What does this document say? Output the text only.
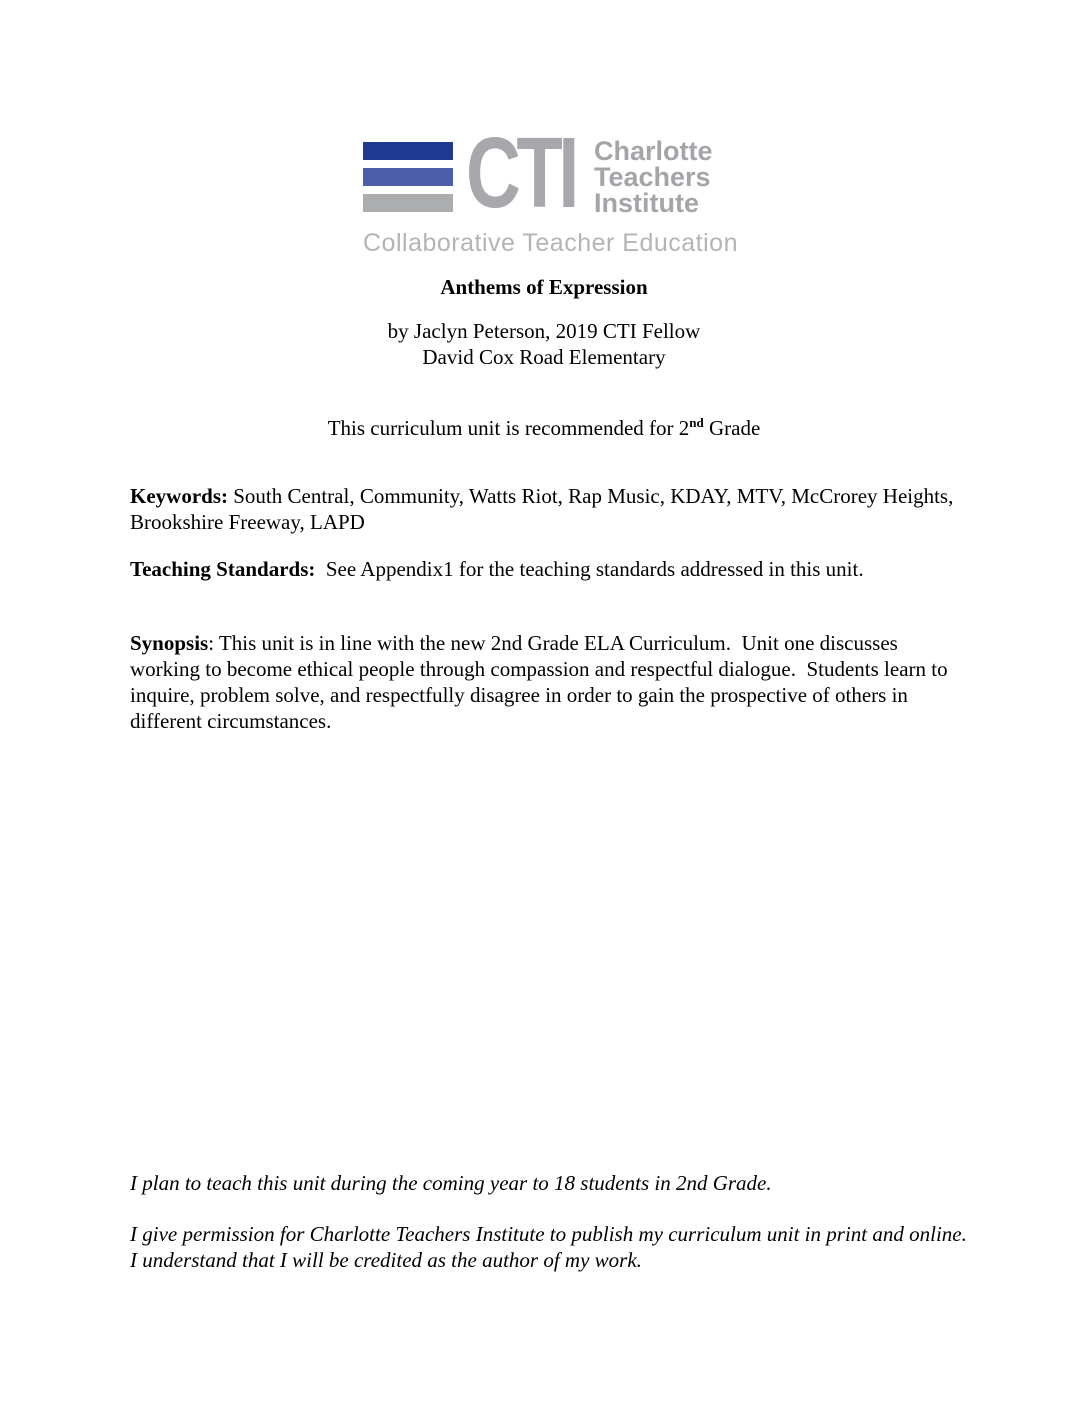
CTI Charlotte
Teachers
Institute
Collaborative Teacher Education
Anthems of Expression
by Jaclyn Peterson, 2019 CTI Fellow
David Cox Road Elementary
This curriculum unit is recommended for 2nd Grade
Keywords: South Central, Community, Watts Riot, Rap Music, KDAY, MTV, McCrorey Heights, Brookshire Freeway, LAPD
Teaching Standards:  See Appendix1 for the teaching standards addressed in this unit.
Synopsis: This unit is in line with the new 2nd Grade ELA Curriculum.  Unit one discusses working to become ethical people through compassion and respectful dialogue.  Students learn to inquire, problem solve, and respectfully disagree in order to gain the prospective of others in different circumstances.
I plan to teach this unit during the coming year to 18 students in 2nd Grade.
I give permission for Charlotte Teachers Institute to publish my curriculum unit in print and online. I understand that I will be credited as the author of my work.
